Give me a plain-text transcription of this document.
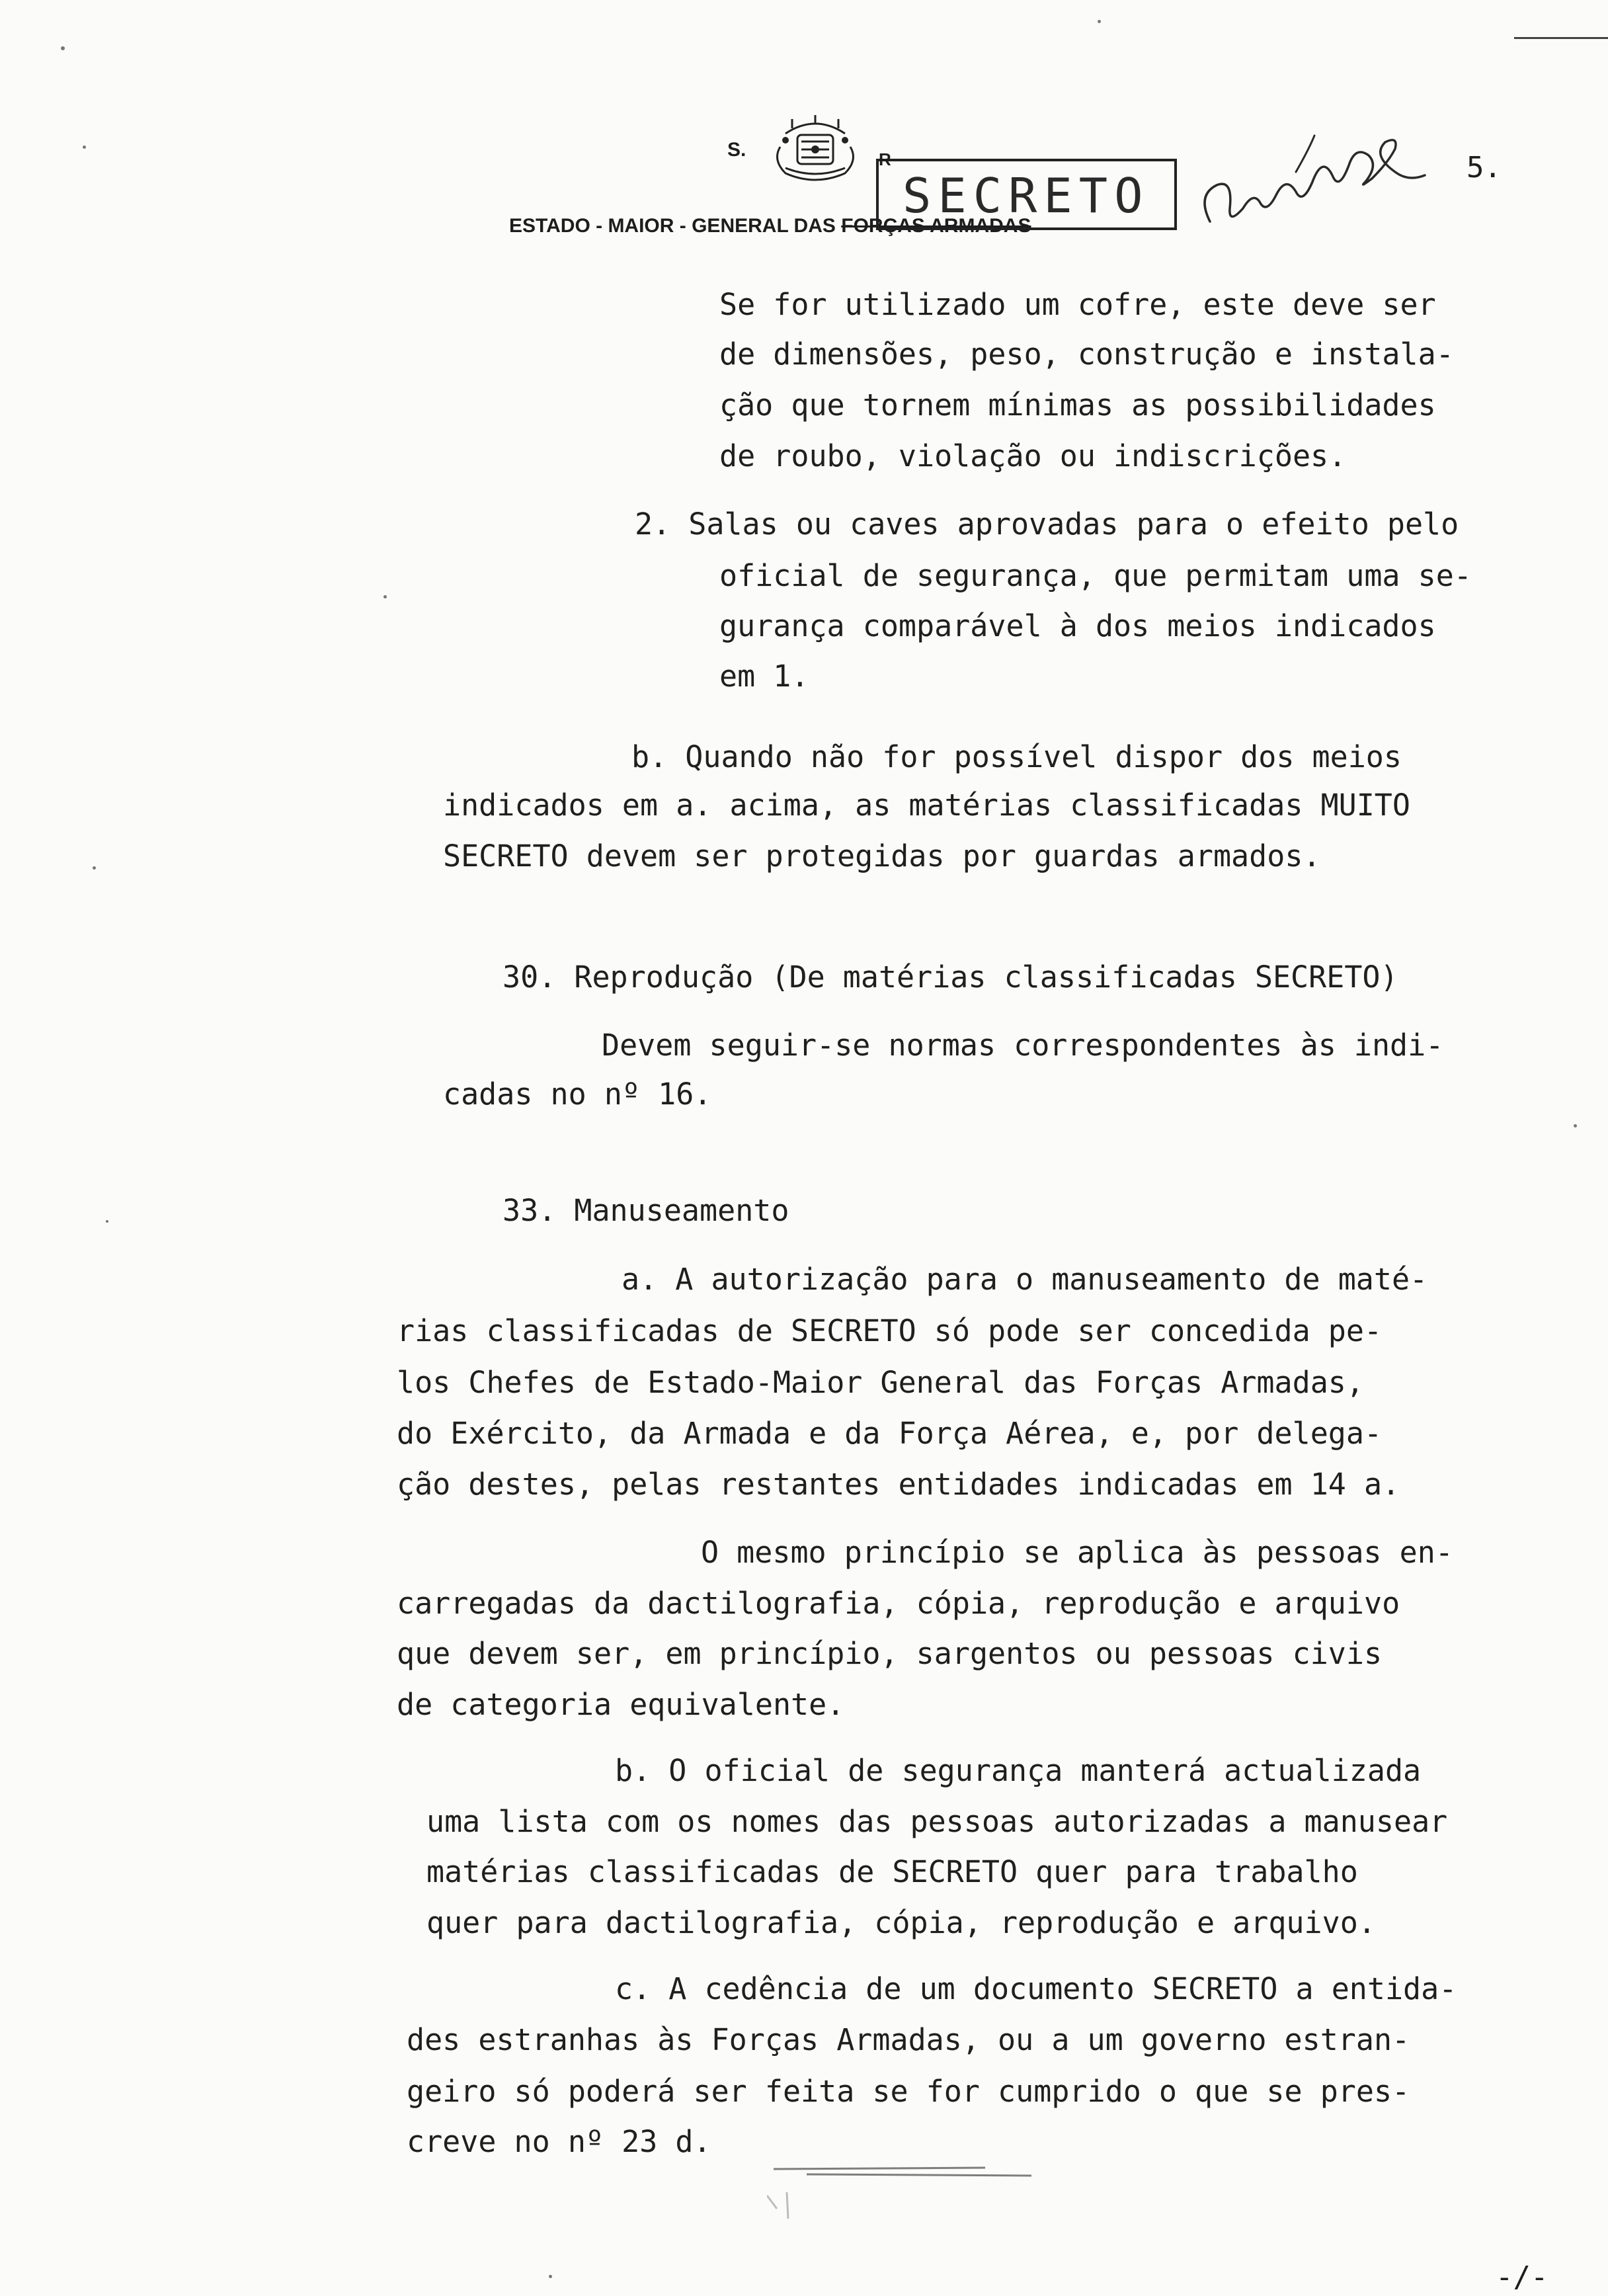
S.
ESTADO - MAIOR - GENERAL DAS FORÇAS ARMADAS
R
SECRETO
5.
Se for utilizado um cofre, este deve ser
de dimensões, peso, construção e instala-
ção que tornem mínimas as possibilidades
de roubo, violação ou indiscrições.
2. Salas ou caves aprovadas para o efeito pelo
oficial de segurança, que permitam uma se-
gurança comparável à dos meios indicados
em 1.
b. Quando não for possível dispor dos meios
indicados em a. acima, as matérias classificadas MUITO
SECRETO devem ser protegidas por guardas armados.
30. Reprodução (De matérias classificadas SECRETO)
Devem seguir-se normas correspondentes às indi-
cadas no nº 16.
33. Manuseamento
a. A autorização para o manuseamento de maté-
rias classificadas de SECRETO só pode ser concedida pe-
los Chefes de Estado-Maior General das Forças Armadas,
do Exército, da Armada e da Força Aérea, e, por delega-
ção destes, pelas restantes entidades indicadas em 14 a.
O mesmo princípio se aplica às pessoas en-
carregadas da dactilografia, cópia, reprodução e arquivo
que devem ser, em princípio, sargentos ou pessoas civis
de categoria equivalente.
b. O oficial de segurança manterá actualizada
uma lista com os nomes das pessoas autorizadas a manusear
matérias classificadas de SECRETO quer para trabalho
quer para dactilografia, cópia, reprodução e arquivo.
c. A cedência de um documento SECRETO a entida-
des estranhas às Forças Armadas, ou a um governo estran-
geiro só poderá ser feita se for cumprido o que se pres-
creve no nº 23 d.
-/-
